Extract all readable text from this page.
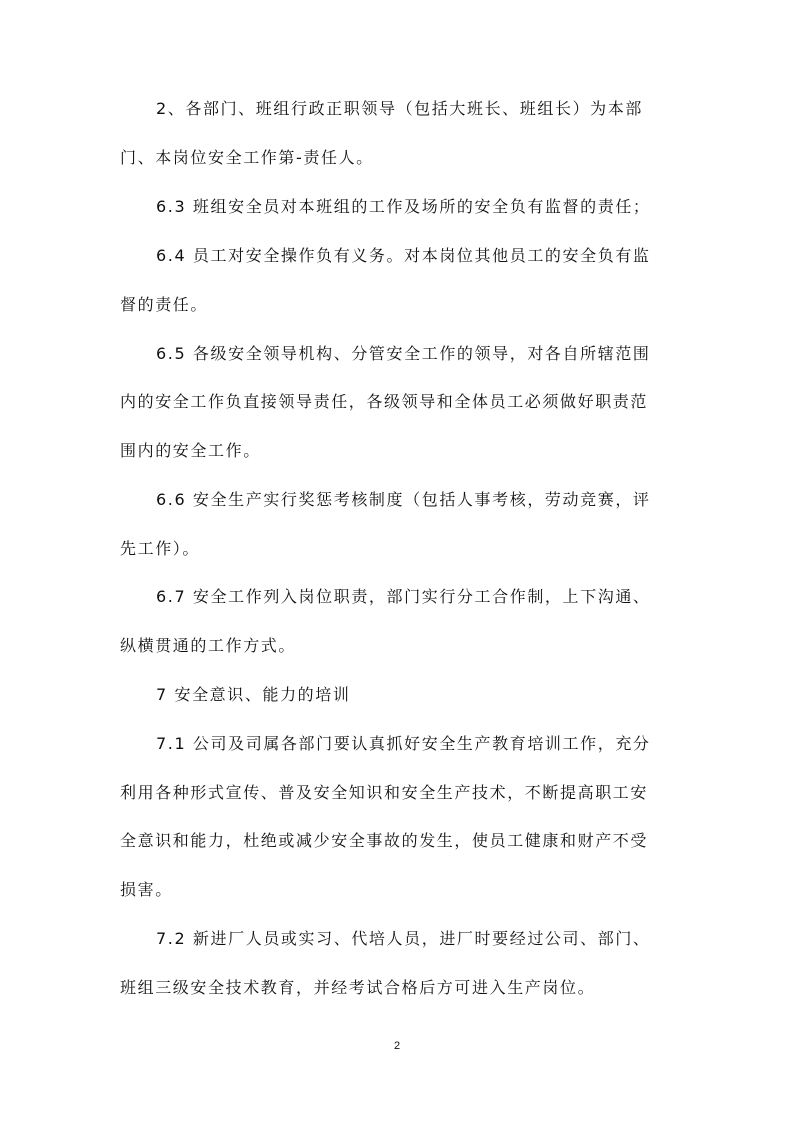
2、各部门、班组行政正职领导（包括大班长、班组长）为本部
门、本岗位安全工作第-责任人。
6.3 班组安全员对本班组的工作及场所的安全负有监督的责任；
6.4 员工对安全操作负有义务。对本岗位其他员工的安全负有监
督的责任。
6.5 各级安全领导机构、分管安全工作的领导，对各自所辖范围
内的安全工作负直接领导责任，各级领导和全体员工必须做好职责范
围内的安全工作。
6.6 安全生产实行奖惩考核制度（包括人事考核，劳动竞赛，评
先工作）。
6.7 安全工作列入岗位职责，部门实行分工合作制，上下沟通、
纵横贯通的工作方式。
7 安全意识、能力的培训
7.1 公司及司属各部门要认真抓好安全生产教育培训工作，充分
利用各种形式宣传、普及安全知识和安全生产技术，不断提高职工安
全意识和能力，杜绝或减少安全事故的发生，使员工健康和财产不受
损害。
7.2 新进厂人员或实习、代培人员，进厂时要经过公司、部门、
班组三级安全技术教育，并经考试合格后方可进入生产岗位。
2
